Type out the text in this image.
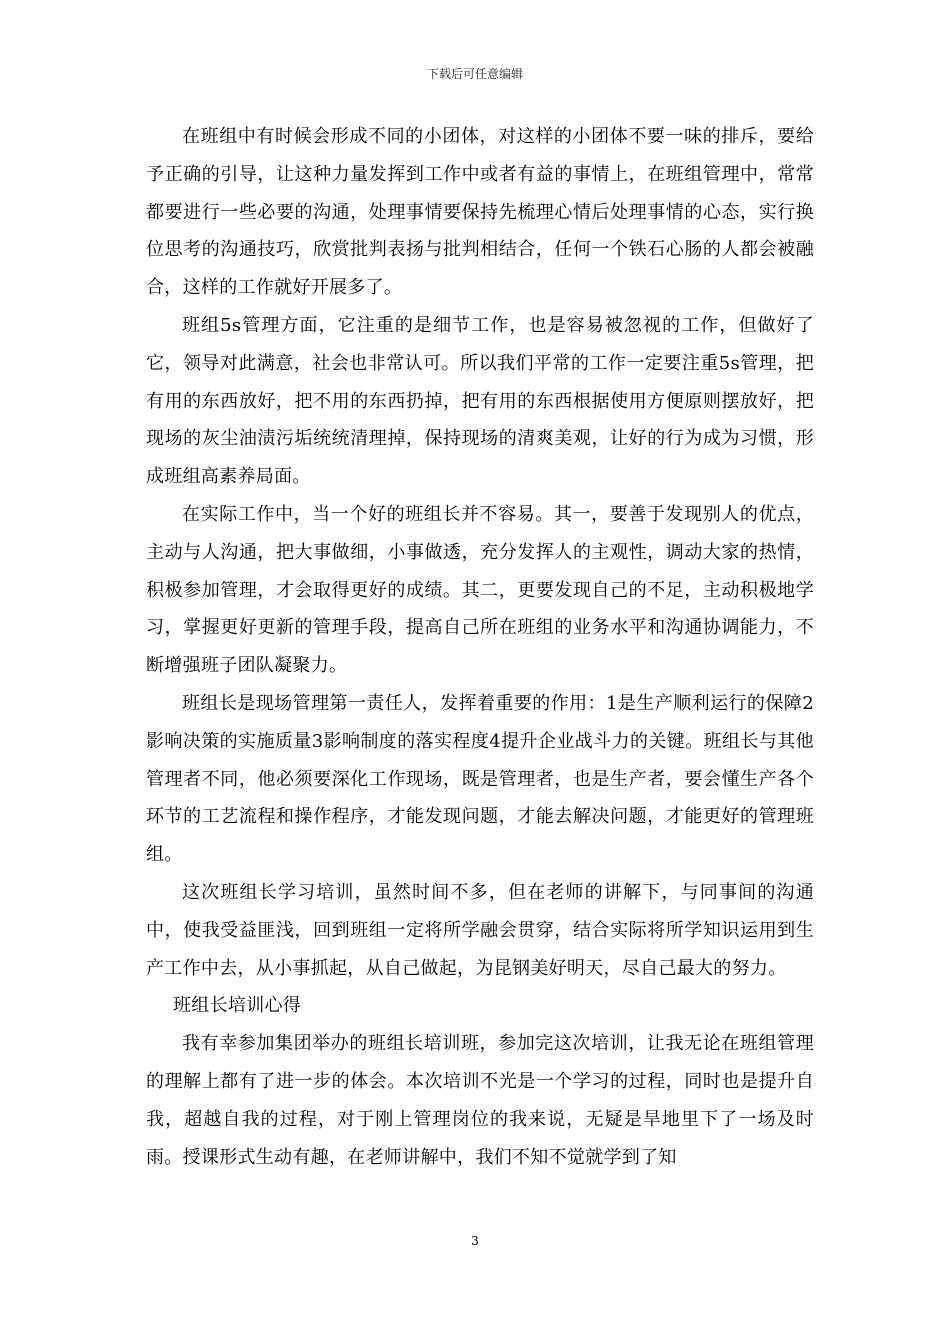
下载后可任意编辑

在班组中有时候会形成不同的小团体，对这样的小团体不要一味的排斥，要给予正确的引导，让这种力量发挥到工作中或者有益的事情上，在班组管理中，常常都要进行一些必要的沟通，处理事情要保持先梳理心情后处理事情的心态，实行换位思考的沟通技巧，欣赏批判表扬与批判相结合，任何一个铁石心肠的人都会被融合，这样的工作就好开展多了。

班组5s管理方面，它注重的是细节工作，也是容易被忽视的工作，但做好了它，领导对此满意，社会也非常认可。所以我们平常的工作一定要注重5s管理，把有用的东西放好，把不用的东西扔掉，把有用的东西根据使用方便原则摆放好，把现场的灰尘油渍污垢统统清理掉，保持现场的清爽美观，让好的行为成为习惯，形成班组高素养局面。

在实际工作中，当一个好的班组长并不容易。其一，要善于发现别人的优点，主动与人沟通，把大事做细，小事做透，充分发挥人的主观性，调动大家的热情，积极参加管理，才会取得更好的成绩。其二，更要发现自己的不足，主动积极地学习，掌握更好更新的管理手段，提高自己所在班组的业务水平和沟通协调能力，不断增强班子团队凝聚力。

班组长是现场管理第一责任人，发挥着重要的作用：1是生产顺利运行的保障2影响决策的实施质量3影响制度的落实程度4提升企业战斗力的关键。班组长与其他管理者不同，他必须要深化工作现场，既是管理者，也是生产者，要会懂生产各个环节的工艺流程和操作程序，才能发现问题，才能去解决问题，才能更好的管理班组。

这次班组长学习培训，虽然时间不多，但在老师的讲解下，与同事间的沟通中，使我受益匪浅，回到班组一定将所学融会贯穿，结合实际将所学知识运用到生产工作中去，从小事抓起，从自己做起，为昆钢美好明天，尽自己最大的努力。

班组长培训心得

我有幸参加集团举办的班组长培训班，参加完这次培训，让我无论在班组管理的理解上都有了进一步的体会。本次培训不光是一个学习的过程，同时也是提升自我，超越自我的过程，对于刚上管理岗位的我来说，无疑是旱地里下了一场及时雨。授课形式生动有趣，在老师讲解中，我们不知不觉就学到了知

3
